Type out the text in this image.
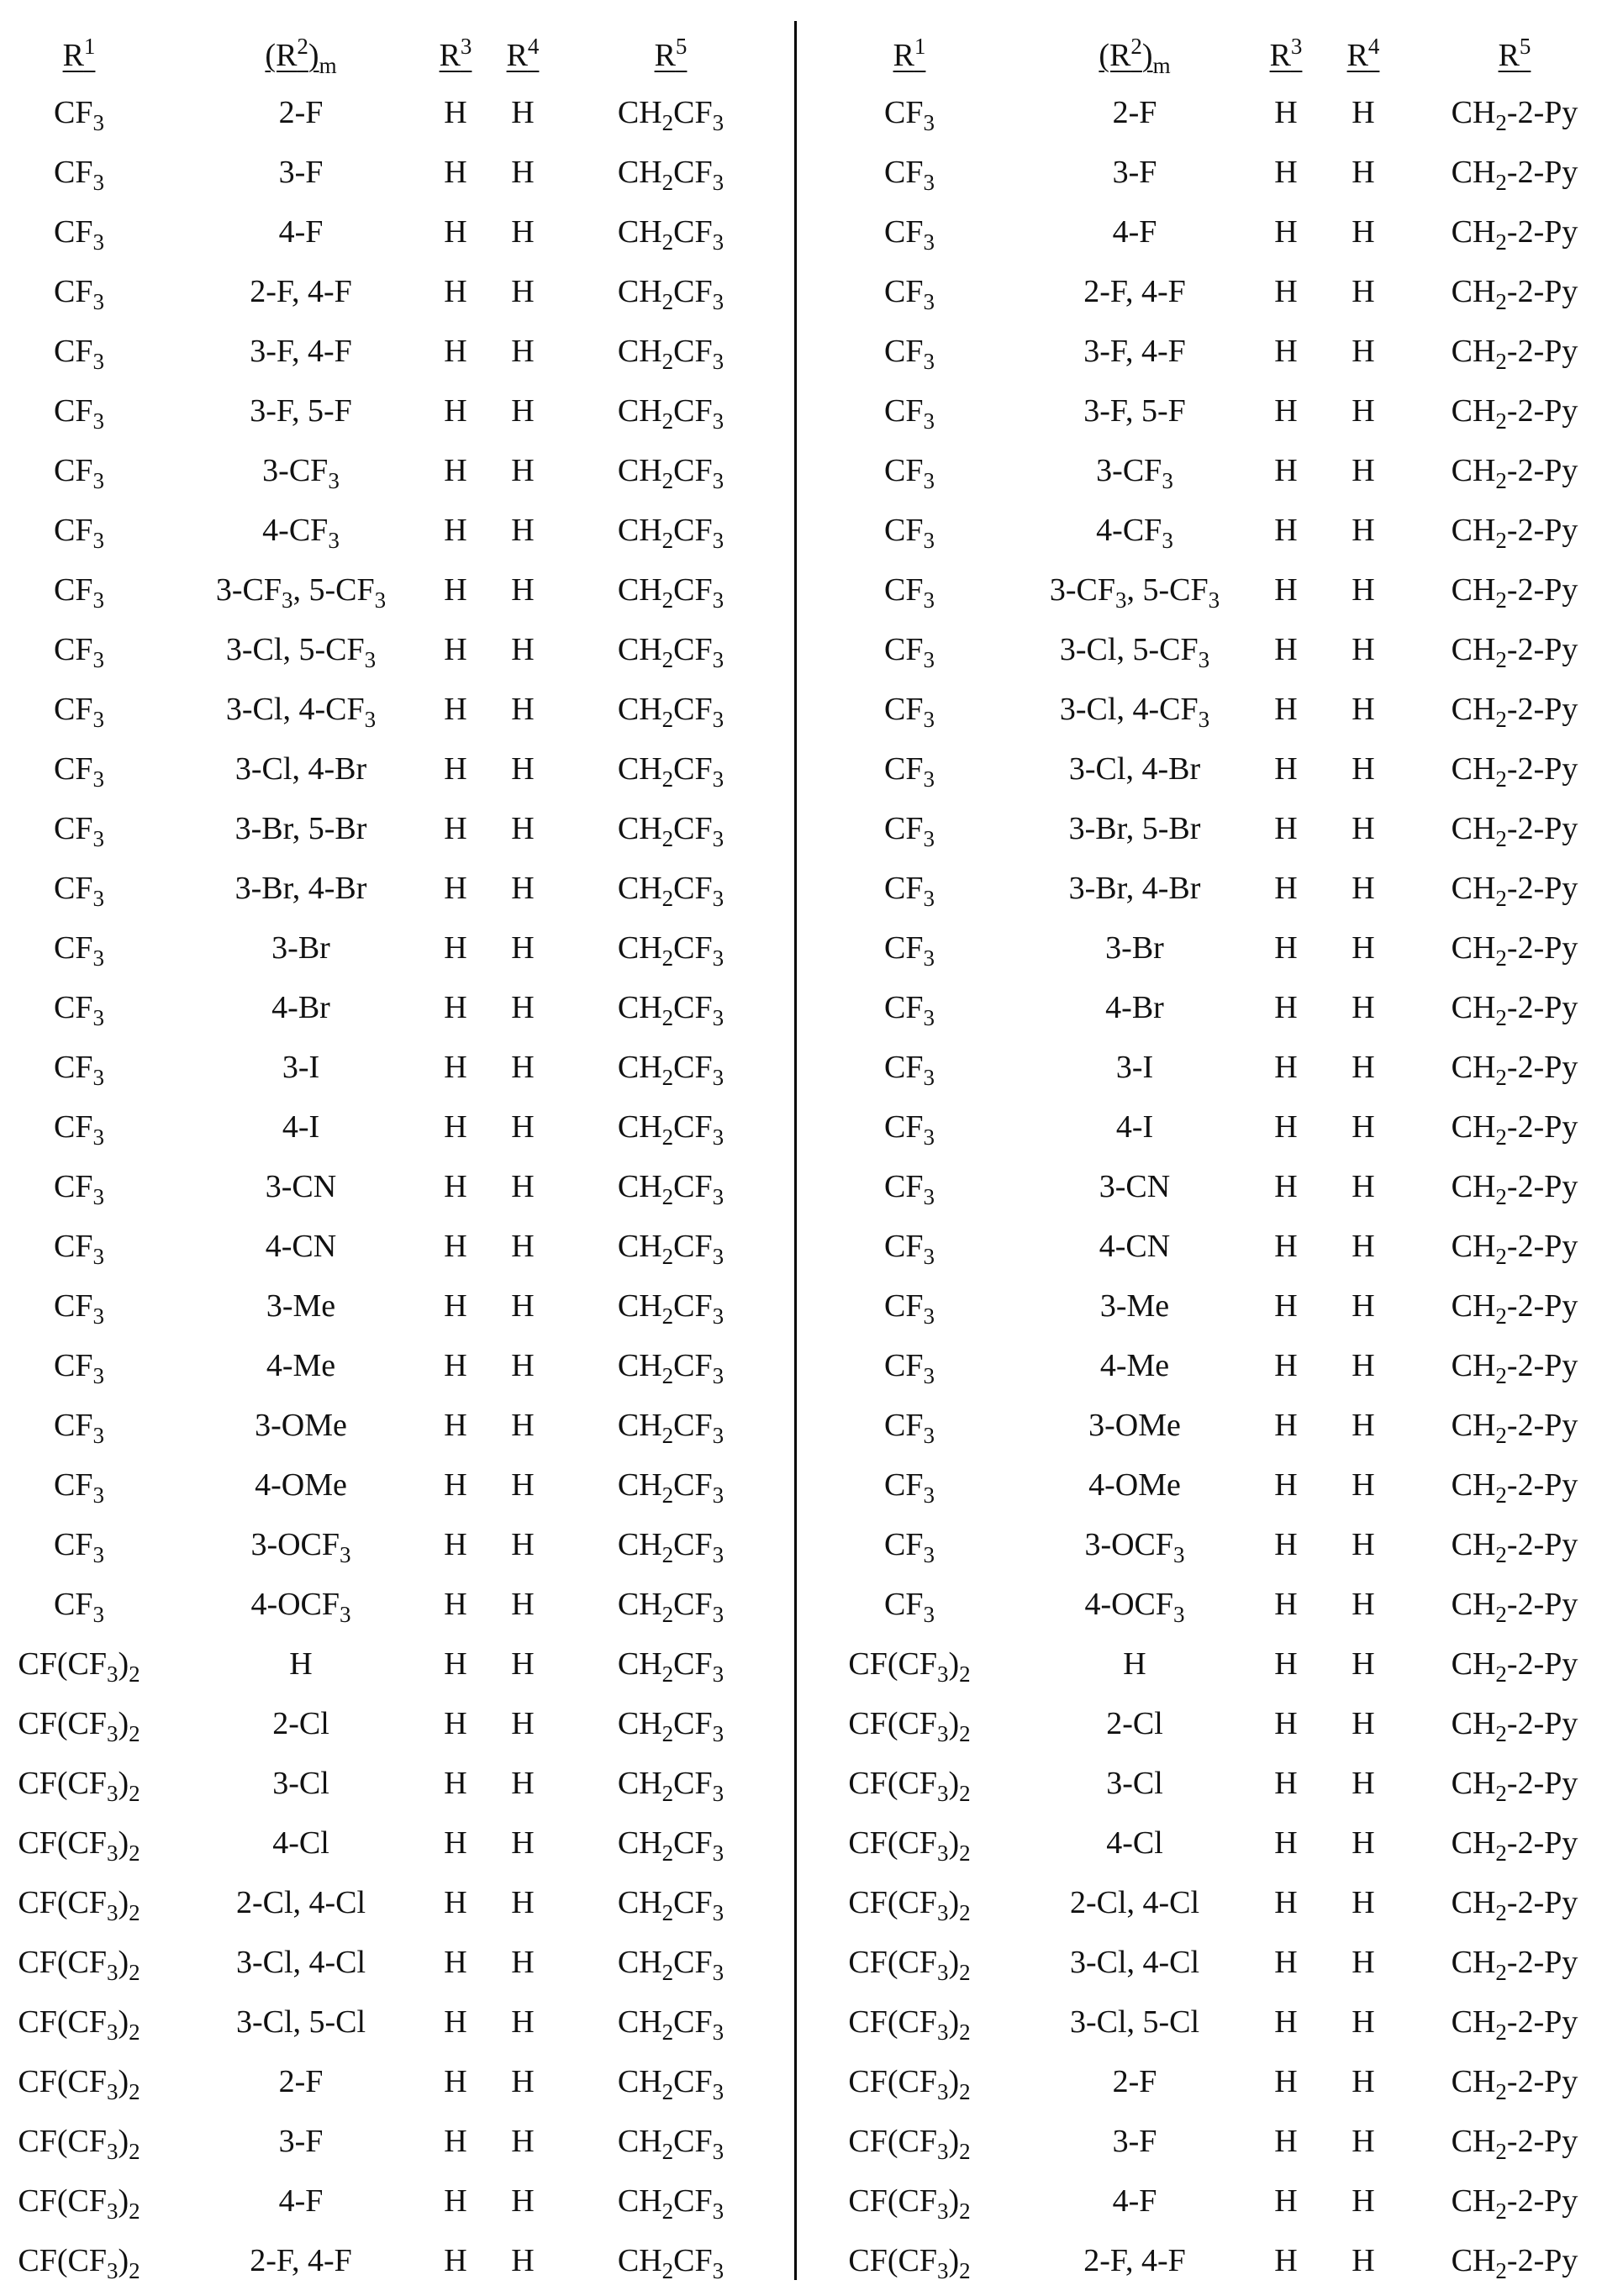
$R^1$	$(R^2)_m$	$R^3$ $R^4$	$R^5$
$CF_3$	2-F	H H	$CH_2CF_3$
$CF_3$	3-F	H H	$CH_2CF_3$
$CF_3$	4-F	H H	$CH_2CF_3$
$CF_3$	2-F, 4-F	H H	$CH_2CF_3$
$CF_3$	3-F, 4-F	H H	$CH_2CF_3$
$CF_3$	3-F, 5-F	H H	$CH_2CF_3$
$CF_3$	$3-CF_3$	H H	$CH_2CF_3$
$CF_3$	$4-CF_3$	H H	$CH_2CF_3$
$CF_3$	$3-CF_3$, $5-CF_3$ H H	$CH_2CF_3$
$CF_3$	3-Cl, $5-CF_3$ H H	$CH_2CF_3$
$CF_3$	3-Cl, $4-CF_3$ H H	$CH_2CF_3$
$CF_3$	3-Cl, 4-Br H H	$CH_2CF_3$
$CF_3$	3-Br, 5-Br H H	$CH_2CF_3$
$CF_3$	3-Br, 4-Br H H	$CH_2CF_3$
$CF_3$	3-Br	H H	$CH_2CF_3$
$CF_3$	4-Br	H H	$CH_2CF_3$
$CF_3$	3-I	H H	$CH_2CF_3$
$CF_3$	4-I	H H	$CH_2CF_3$
$CF_3$	3-CN	H H	$CH_2CF_3$
$CF_3$	4-CN	H H	$CH_2CF_3$
$CF_3$	3-Me	H H	$CH_2CF_3$
$CF_3$	4-Me	H H	$CH_2CF_3$
$CF_3$	3-OMe	H H	$CH_2CF_3$
$CF_3$	4-OMe	H H	$CH_2CF_3$
$CF_3$	$3-OCF_3$	H H	$CH_2CF_3$
$CF_3$	$4-OCF_3$	H H	$CH_2CF_3$
$CF(CF_3)_2$	H	H H	$CH_2CF_3$
$CF(CF_3)_2$	2-Cl	H H	$CH_2CF_3$
$CF(CF_3)_2$	3-Cl	H H	$CH_2CF_3$
$CF(CF_3)_2$	4-Cl	H H	$CH_2CF_3$
$CF(CF_3)_2$	2-Cl, 4-Cl H H	$CH_2CF_3$
$CF(CF_3)_2$	3-Cl, 4-Cl H H	$CH_2CF_3$
$CF(CF_3)_2$	3-Cl, 5-Cl H H	$CH_2CF_3$
$CF(CF_3)_2$	2-F	H H	$CH_2CF_3$
$CF(CF_3)_2$	3-F	H H	$CH_2CF_3$
$CF(CF_3)_2$	4-F	H H	$CH_2CF_3$
$CF(CF_3)_2$	2-F, 4-F	H H	$CH_2CF_3$
$R^1$	$(R^2)_m$	$R^3$ $R^4$	$R^5$
$CF_3$	2-F	H H $CH_2-2-Py$
$CF_3$	3-F	H H $CH_2-2-Py$
$CF_3$	4-F	H H $CH_2-2-Py$
$CF_3$	2-F, 4-F	H H $CH_2-2-Py$
$CF_3$	3-F, 4-F	H H $CH_2-2-Py$
$CF_3$	3-F, 5-F	H H $CH_2-2-Py$
$CF_3$	$3-CF_3$	H H $CH_2-2-Py$
$CF_3$	$4-CF_3$	H H $CH_2-2-Py$
$CF_3$	$3-CF_3$, $5-CF_3$ H H $CH_2-2-Py$
$CF_3$	3-Cl, $5-CF_3$ H H $CH_2-2-Py$
$CF_3$	3-Cl, $4-CF_3$ H H $CH_2-2-Py$
$CF_3$	3-Cl, 4-Br H H $CH_2-2-Py$
$CF_3$	3-Br, 5-Br H H $CH_2-2-Py$
$CF_3$	3-Br, 4-Br H H $CH_2-2-Py$
$CF_3$	3-Br	H H $CH_2-2-Py$
$CF_3$	4-Br	H H $CH_2-2-Py$
$CF_3$	3-I	H H $CH_2-2-Py$
$CF_3$	4-I	H H $CH_2-2-Py$
$CF_3$	3-CN	H H $CH_2-2-Py$
$CF_3$	4-CN	H H $CH_2-2-Py$
$CF_3$	3-Me	H H $CH_2-2-Py$
$CF_3$	4-Me	H H $CH_2-2-Py$
$CF_3$	3-OMe	H H $CH_2-2-Py$
$CF_3$	4-OMe	H H $CH_2-2-Py$
$CF_3$	$3-OCF_3$	H H $CH_2-2-Py$
$CF_3$	$4-OCF_3$	H H $CH_2-2-Py$
$CF(CF_3)_2$	H	H H $CH_2-2-Py$
$CF(CF_3)_2$	2-Cl	H H $CH_2-2-Py$
$CF(CF_3)_2$	3-Cl	H H $CH_2-2-Py$
$CF(CF_3)_2$	4-Cl	H H $CH_2-2-Py$
$CF(CF_3)_2$	2-Cl, 4-Cl H H $CH_2-2-Py$
$CF(CF_3)_2$	3-Cl, 4-Cl H H $CH_2-2-Py$
$CF(CF_3)_2$	3-Cl, 5-Cl H H $CH_2-2-Py$
$CF(CF_3)_2$	2-F	H H $CH_2-2-Py$
$CF(CF_3)_2$	3-F	H H $CH_2-2-Py$
$CF(CF_3)_2$	4-F	H H $CH_2-2-Py$
$CF(CF_3)_2$	2-F, 4-F	H H $CH_2-2-Py$
